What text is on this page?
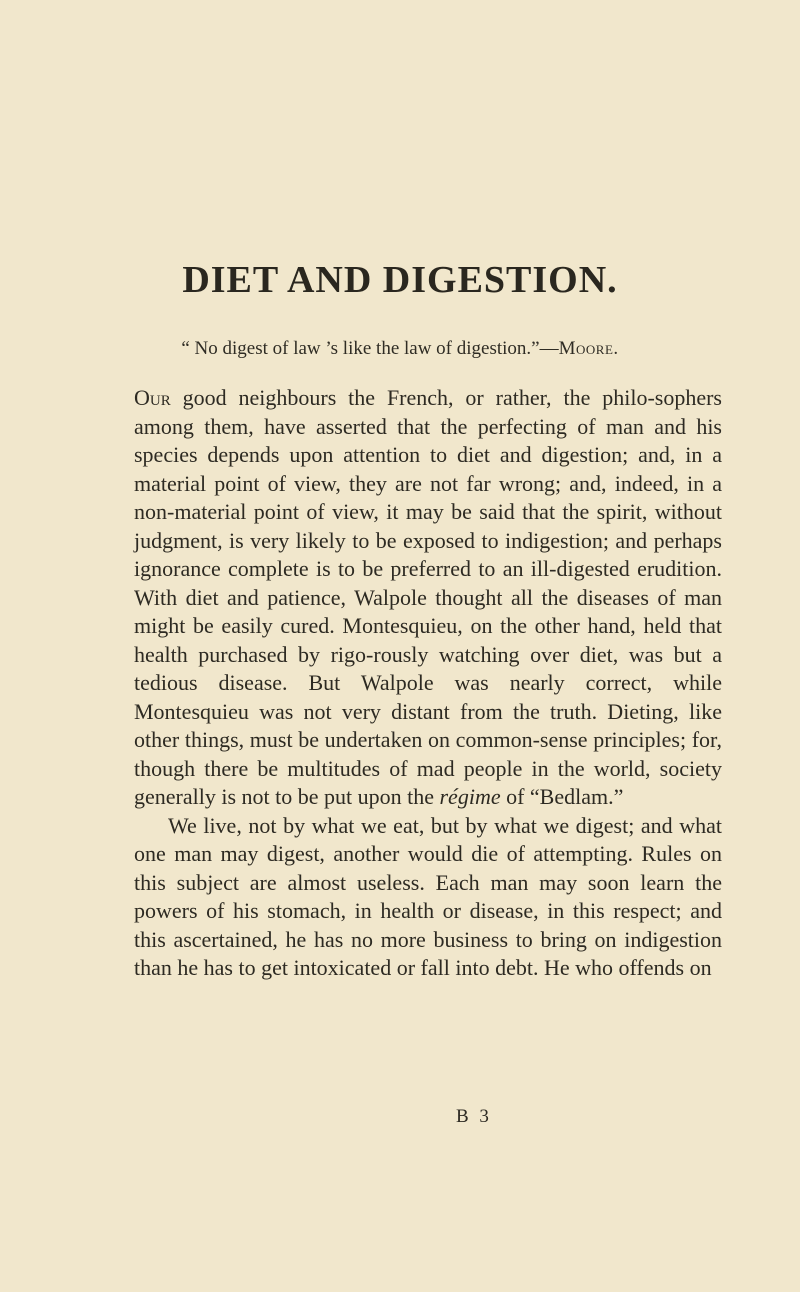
DIET AND DIGESTION.

“ No digest of law ’s like the law of digestion.”—Moore.

Our good neighbours the French, or rather, the philo-sophers among them, have asserted that the perfecting of man and his species depends upon attention to diet and digestion; and, in a material point of view, they are not far wrong; and, indeed, in a non-material point of view, it may be said that the spirit, without judgment, is very likely to be exposed to indigestion; and perhaps ignorance complete is to be preferred to an ill-digested erudition. With diet and patience, Walpole thought all the diseases of man might be easily cured. Montesquieu, on the other hand, held that health purchased by rigo-rously watching over diet, was but a tedious disease. But Walpole was nearly correct, while Montesquieu was not very distant from the truth. Dieting, like other things, must be undertaken on common-sense principles; for, though there be multitudes of mad people in the world, society generally is not to be put upon the régime of “Bedlam.”

We live, not by what we eat, but by what we digest; and what one man may digest, another would die of attempting. Rules on this subject are almost useless. Each man may soon learn the powers of his stomach, in health or disease, in this respect; and this ascertained, he has no more business to bring on indigestion than he has to get intoxicated or fall into debt. He who offends on

B 3
